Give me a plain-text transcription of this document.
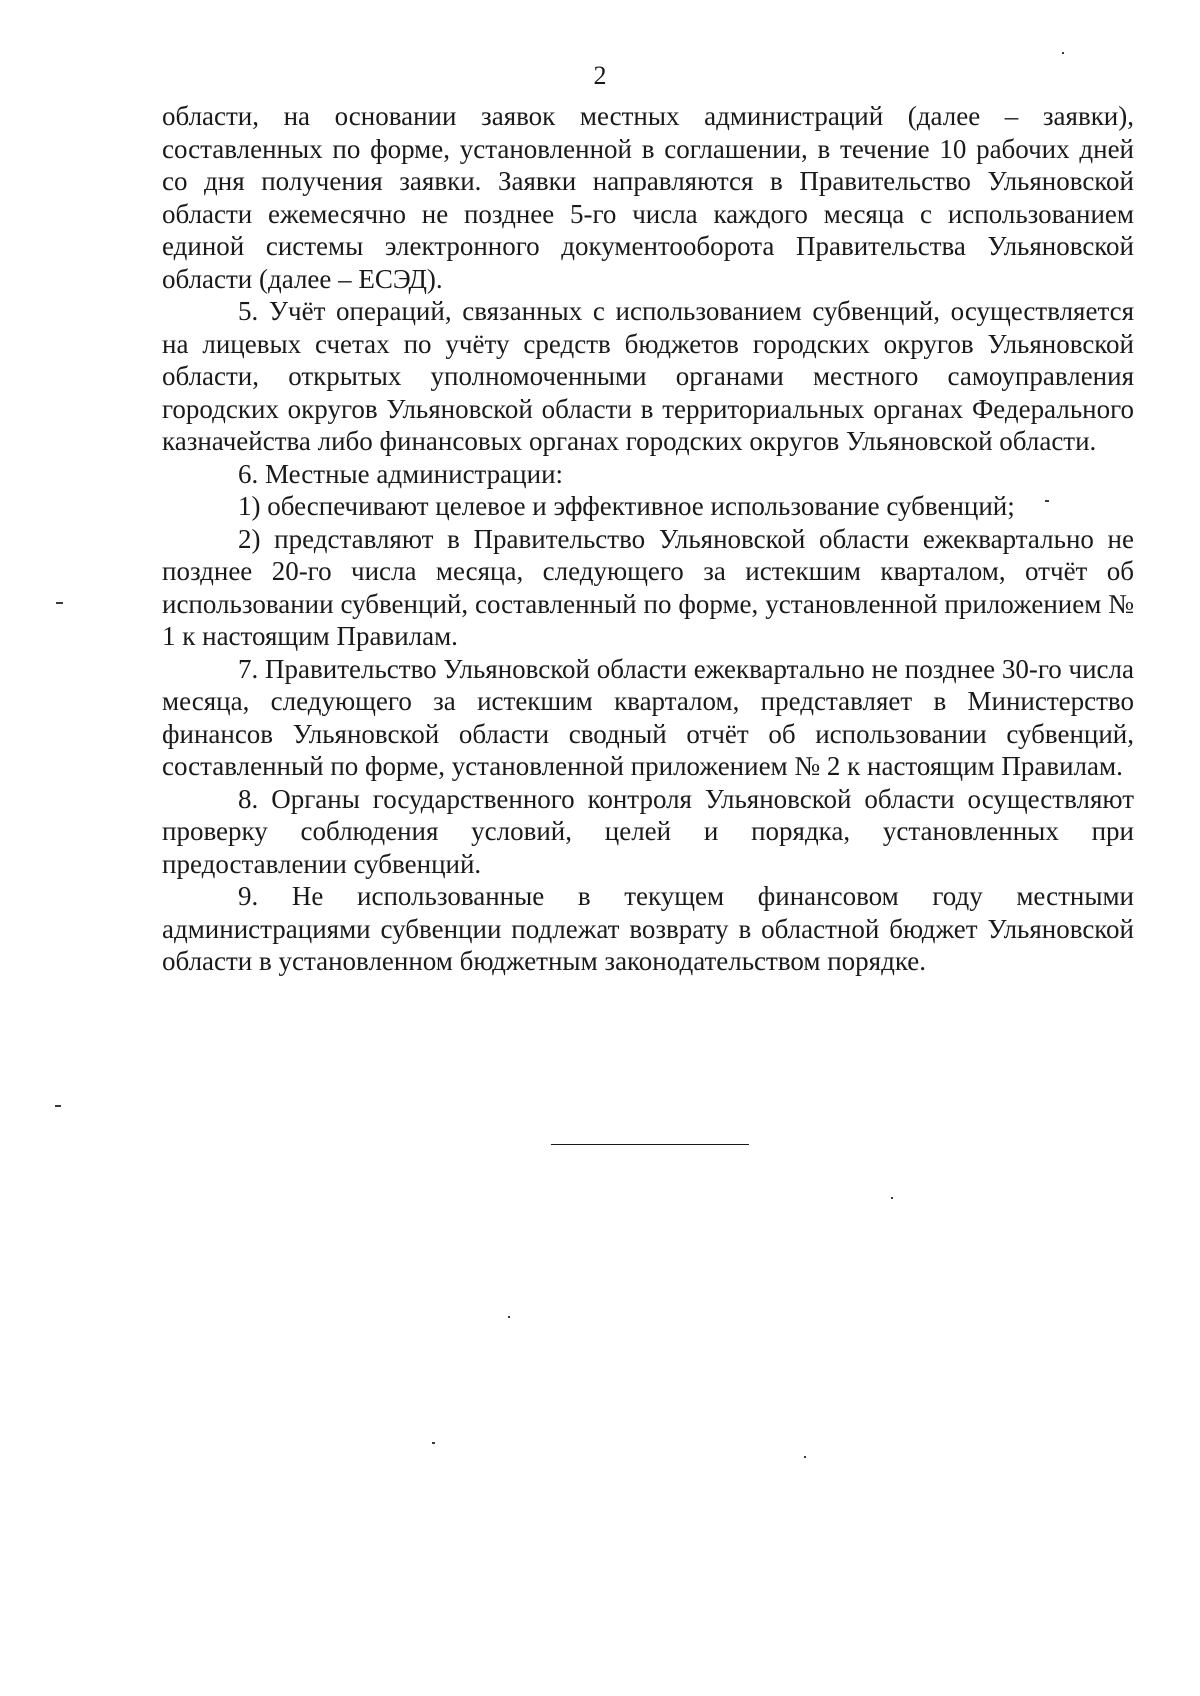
2

области, на основании заявок местных администраций (далее – заявки), составленных по форме, установленной в соглашении, в течение 10 рабочих дней со дня получения заявки. Заявки направляются в Правительство Ульяновской области ежемесячно не позднее 5-го числа каждого месяца с использованием единой системы электронного документооборота Правительства Ульяновской области (далее – ЕСЭД).

5. Учёт операций, связанных с использованием субвенций, осуществляется на лицевых счетах по учёту средств бюджетов городских округов Ульяновской области, открытых уполномоченными органами местного самоуправления городских округов Ульяновской области в территориальных органах Федерального казначейства либо финансовых органах городских округов Ульяновской области.

6. Местные администрации:

1) обеспечивают целевое и эффективное использование субвенций;

2) представляют в Правительство Ульяновской области ежеквартально не позднее 20-го числа месяца, следующего за истекшим кварталом, отчёт об использовании субвенций, составленный по форме, установленной приложением № 1 к настоящим Правилам.

7. Правительство Ульяновской области ежеквартально не позднее 30-го числа месяца, следующего за истекшим кварталом, представляет в Министерство финансов Ульяновской области сводный отчёт об использовании субвенций, составленный по форме, установленной приложением № 2 к настоящим Правилам.

8. Органы государственного контроля Ульяновской области осуществляют проверку соблюдения условий, целей и порядка, установленных при предоставлении субвенций.

9. Не использованные в текущем финансовом году местными администрациями субвенции подлежат возврату в областной бюджет Ульяновской области в установленном бюджетным законодательством порядке.
